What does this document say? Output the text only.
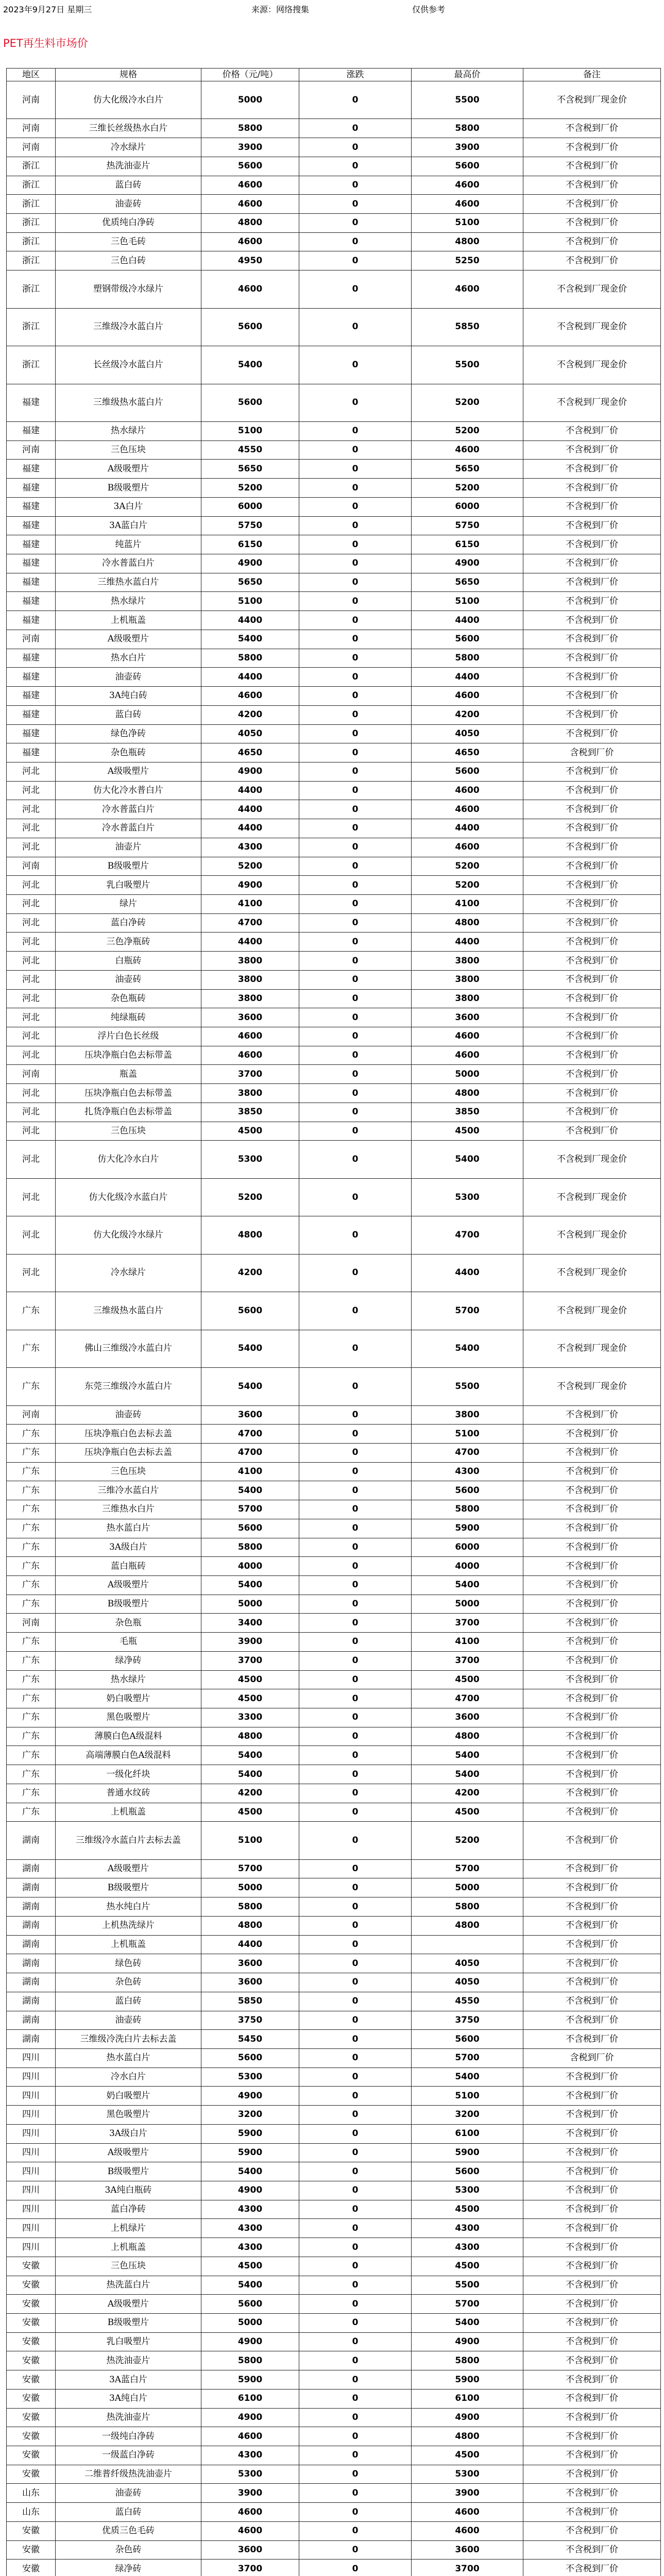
2023年9月27日 星期三	来源：网络搜集	仅供参考
PET再生料市场价
地区	规格	价格（元/吨）	涨跌	最高价	备注
河南	仿大化级冷水白片	5000	0	5500	不含税到厂现金价
河南	三维长丝级热水白片	5800	0	5800	不含税到厂价
河南	冷水绿片	3900	0	3900	不含税到厂价
浙江	热洗油壶片	5600	0	5600	不含税到厂价
浙江	蓝白砖	4600	0	4600	不含税到厂价
浙江	油壶砖	4600	0	4600	不含税到厂价
浙江	优质纯白净砖	4800	0	5100	不含税到厂价
浙江	三色毛砖	4600	0	4800	不含税到厂价
浙江	三色白砖	4950	0	5250	不含税到厂价
浙江	塑钢带级冷水绿片	4600	0	4600	不含税到厂现金价
浙江	三维级冷水蓝白片	5600	0	5850	不含税到厂现金价
浙江	长丝级冷水蓝白片	5400	0	5500	不含税到厂现金价
福建	三维级热水蓝白片	5600	0	5200	不含税到厂现金价
福建	热水绿片	5100	0	5200	不含税到厂价
河南	三色压块	4550	0	4600	不含税到厂价
福建	A级吸塑片	5650	0	5650	不含税到厂价
福建	B级吸塑片	5200	0	5200	不含税到厂价
福建	3A白片	6000	0	6000	不含税到厂价
福建	3A蓝白片	5750	0	5750	不含税到厂价
福建	纯蓝片	6150	0	6150	不含税到厂价
福建	冷水普蓝白片	4900	0	4900	不含税到厂价
福建	三维热水蓝白片	5650	0	5650	不含税到厂价
福建	热水绿片	5100	0	5100	不含税到厂价
福建	上机瓶盖	4400	0	4400	不含税到厂价
河南	A级吸塑片	5400	0	5600	不含税到厂价
福建	热水白片	5800	0	5800	不含税到厂价
福建	油壶砖	4400	0	4400	不含税到厂价
福建	3A纯白砖	4600	0	4600	不含税到厂价
福建	蓝白砖	4200	0	4200	不含税到厂价
福建	绿色净砖	4050	0	4050	不含税到厂价
福建	杂色瓶砖	4650	0	4650	含税到厂价
河北	A级吸塑片	4900	0	5600	不含税到厂价
河北	仿大化冷水普白片	4400	0	4600	不含税到厂价
河北	冷水普蓝白片	4400	0	4600	不含税到厂价
河北	冷水普蓝白片	4400	0	4400	不含税到厂价
河北	油壶片	4300	0	4600	不含税到厂价
河南	B级吸塑片	5200	0	5200	不含税到厂价
河北	乳白吸塑片	4900	0	5200	不含税到厂价
河北	绿片	4100	0	4100	不含税到厂价
河北	蓝白净砖	4700	0	4800	不含税到厂价
河北	三色净瓶砖	4400	0	4400	不含税到厂价
河北	白瓶砖	3800	0	3800	不含税到厂价
河北	油壶砖	3800	0	3800	不含税到厂价
河北	杂色瓶砖	3800	0	3800	不含税到厂价
河北	纯绿瓶砖	3600	0	3600	不含税到厂价
河北	浮片白色长丝级	4600	0	4600	不含税到厂价
河北	压块净瓶白色去标带盖	4600	0	4600	不含税到厂价
河南	瓶盖	3700	0	5000	不含税到厂价
河北	压块净瓶白色去标带盖	3800	0	4800	不含税到厂价
河北	扎货净瓶白色去标带盖	3850	0	3850	不含税到厂价
河北	三色压块	4500	0	4500	不含税到厂价
河北	仿大化冷水白片	5300	0	5400	不含税到厂现金价
河北	仿大化级冷水蓝白片	5200	0	5300	不含税到厂现金价
河北	仿大化级冷水绿片	4800	0	4700	不含税到厂现金价
河北	冷水绿片	4200	0	4400	不含税到厂现金价
广东	三维级热水蓝白片	5600	0	5700	不含税到厂现金价
广东	佛山三维级冷水蓝白片	5400	0	5400	不含税到厂现金价
广东	东莞三维级冷水蓝白片	5400	0	5500	不含税到厂现金价
河南	油壶砖	3600	0	3800	不含税到厂价
广东	压块净瓶白色去标去盖	4700	0	5100	不含税到厂价
广东	压块净瓶白色去标去盖	4700	0	4700	不含税到厂价
广东	三色压块	4100	0	4300	不含税到厂价
广东	三维冷水蓝白片	5400	0	5600	不含税到厂价
广东	三维热水白片	5700	0	5800	不含税到厂价
广东	热水蓝白片	5600	0	5900	不含税到厂价
广东	3A级白片	5800	0	6000	不含税到厂价
广东	蓝白瓶砖	4000	0	4000	不含税到厂价
广东	A级吸塑片	5400	0	5400	不含税到厂价
广东	B级吸塑片	5000	0	5000	不含税到厂价
河南	杂色瓶	3400	0	3700	不含税到厂价
广东	毛瓶	3900	0	4100	不含税到厂价
广东	绿净砖	3700	0	3700	不含税到厂价
广东	热水绿片	4500	0	4500	不含税到厂价
广东	奶白吸塑片	4500	0	4700	不含税到厂价
广东	黑色吸塑片	3300	0	3600	不含税到厂价
广东	薄膜白色A级混料	4800	0	4800	不含税到厂价
广东	高端薄膜白色A级混料	5400	0	5400	不含税到厂价
广东	一级化纤块	5400	0	5400	不含税到厂价
广东	普通水纹砖	4200	0	4200	不含税到厂价
广东	上机瓶盖	4500	0	4500	不含税到厂价
湖南	三维级冷水蓝白片去标去盖	5100	0	5200	不含税到厂价
湖南	A级吸塑片	5700	0	5700	不含税到厂价
湖南	B级吸塑片	5000	0	5000	不含税到厂价
湖南	热水纯白片	5800	0	5800	不含税到厂价
湖南	上机热洗绿片	4800	0	4800	不含税到厂价
湖南	上机瓶盖	4400	0		不含税到厂价
湖南	绿色砖	3600	0	4050	不含税到厂价
湖南	杂色砖	3600	0	4050	不含税到厂价
湖南	蓝白砖	5850	0	4550	不含税到厂价
湖南	油壶砖	3750	0	3750	不含税到厂价
湖南	三维级冷洗白片去标去盖	5450	0	5600	不含税到厂价
四川	热水蓝白片	5600	0	5700	含税到厂价
四川	冷水白片	5300	0	5400	不含税到厂价
四川	奶白吸塑片	4900	0	5100	不含税到厂价
四川	黑色吸塑片	3200	0	3200	不含税到厂价
四川	3A级白片	5900	0	6100	不含税到厂价
四川	A级吸塑片	5900	0	5900	不含税到厂价
四川	B级吸塑片	5400	0	5600	不含税到厂价
四川	3A纯白瓶砖	4900	0	5300	不含税到厂价
四川	蓝白净砖	4300	0	4500	不含税到厂价
四川	上机绿片	4300	0	4300	不含税到厂价
四川	上机瓶盖	4300	0	4300	不含税到厂价
安徽	三色压块	4500	0	4500	不含税到厂价
安徽	热洗蓝白片	5400	0	5500	不含税到厂价
安徽	A级吸塑片	5600	0	5700	不含税到厂价
安徽	B级吸塑片	5000	0	5400	不含税到厂价
安徽	乳白吸塑片	4900	0	4900	不含税到厂价
安徽	热洗油壶片	5800	0	5800	不含税到厂价
安徽	3A蓝白片	5900	0	5900	不含税到厂价
安徽	3A纯白片	6100	0	6100	不含税到厂价
安徽	热洗油壶片	4900	0	4900	不含税到厂价
安徽	一级纯白净砖	4600	0	4800	不含税到厂价
安徽	一级蓝白净砖	4300	0	4500	不含税到厂价
安徽	二维普纤级热洗油壶片	5300	0	5300	不含税到厂价
山东	油壶砖	3900	0	3900	不含税到厂价
山东	蓝白砖	4600	0	4600	不含税到厂价
安徽	优质三色毛砖	4600	0	4600	不含税到厂价
安徽	杂色砖	3600	0	3600	不含税到厂价
安徽	绿净砖	3700	0	3700	不含税到厂价
